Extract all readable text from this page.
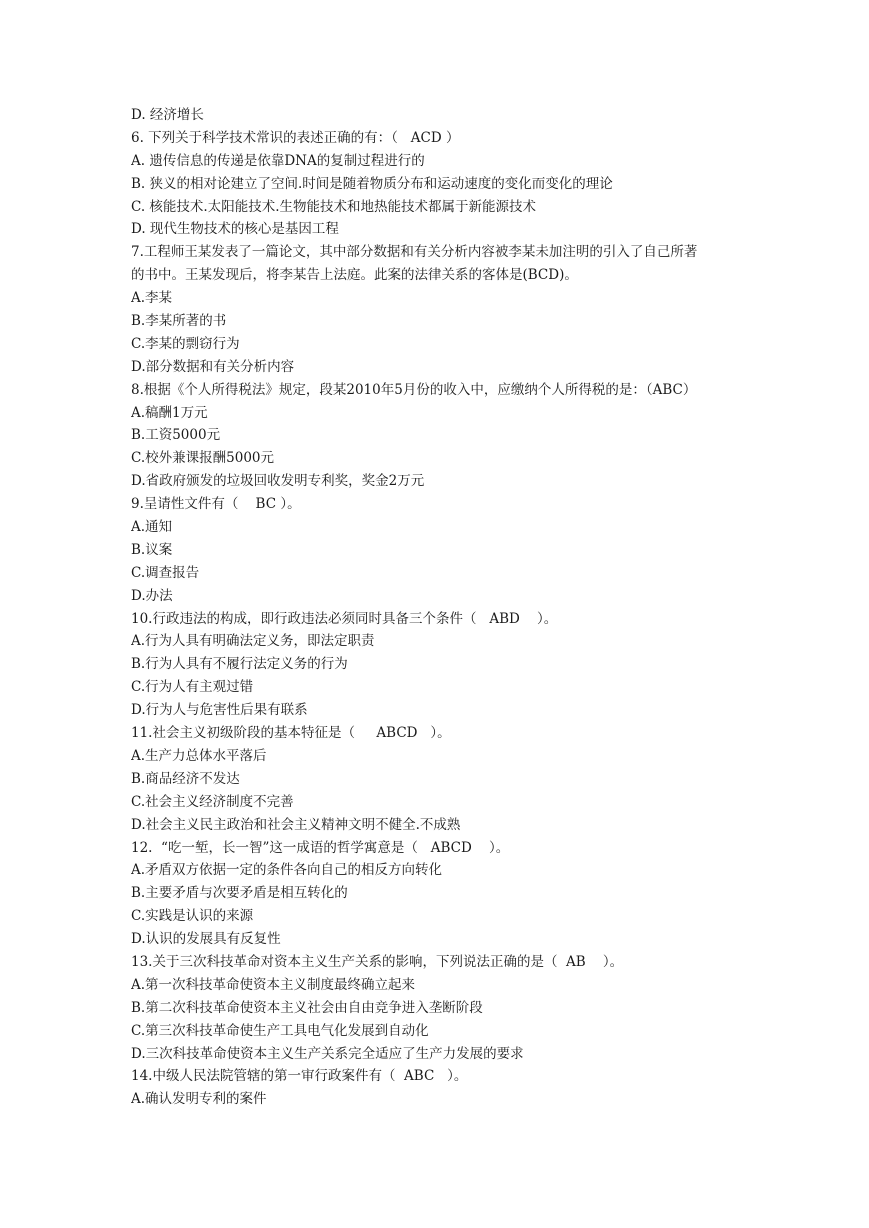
D. 经济增长
6. 下列关于科学技术常识的表述正确的有：（   ACD ）
A. 遗传信息的传递是依靠DNA的复制过程进行的
B. 狭义的相对论建立了空间.时间是随着物质分布和运动速度的变化而变化的理论
C. 核能技术.太阳能技术.生物能技术和地热能技术都属于新能源技术
D. 现代生物技术的核心是基因工程
7.工程师王某发表了一篇论文，其中部分数据和有关分析内容被李某未加注明的引入了自己所著
的书中。王某发现后，将李某告上法庭。此案的法律关系的客体是(BCD)。
A.李某
B.李某所著的书
C.李某的剽窃行为
D.部分数据和有关分析内容
8.根据《个人所得税法》规定，段某2010年5月份的收入中，应缴纳个人所得税的是：（ABC）
A.稿酬1万元
B.工资5000元
C.校外兼课报酬5000元
D.省政府颁发的垃圾回收发明专利奖，奖金2万元
9.呈请性文件有（    BC ）。
A.通知
B.议案
C.调查报告
D.办法
10.行政违法的构成，即行政违法必须同时具备三个条件（   ABD    ）。
A.行为人具有明确法定义务，即法定职责
B.行为人具有不履行法定义务的行为
C.行为人有主观过错
D.行为人与危害性后果有联系
11.社会主义初级阶段的基本特征是（     ABCD   ）。
A.生产力总体水平落后
B.商品经济不发达
C.社会主义经济制度不完善
D.社会主义民主政治和社会主义精神文明不健全.不成熟
12.  “吃一堑，长一智”这一成语的哲学寓意是（   ABCD    ）。
A.矛盾双方依据一定的条件各向自己的相反方向转化
B.主要矛盾与次要矛盾是相互转化的
C.实践是认识的来源
D.认识的发展具有反复性
13.关于三次科技革命对资本主义生产关系的影响，下列说法正确的是（  AB    ）。
A.第一次科技革命使资本主义制度最终确立起来
B.第二次科技革命使资本主义社会由自由竞争进入垄断阶段
C.第三次科技革命使生产工具电气化发展到自动化
D.三次科技革命使资本主义生产关系完全适应了生产力发展的要求
14.中级人民法院管辖的第一审行政案件有（  ABC   ）。
A.确认发明专利的案件
